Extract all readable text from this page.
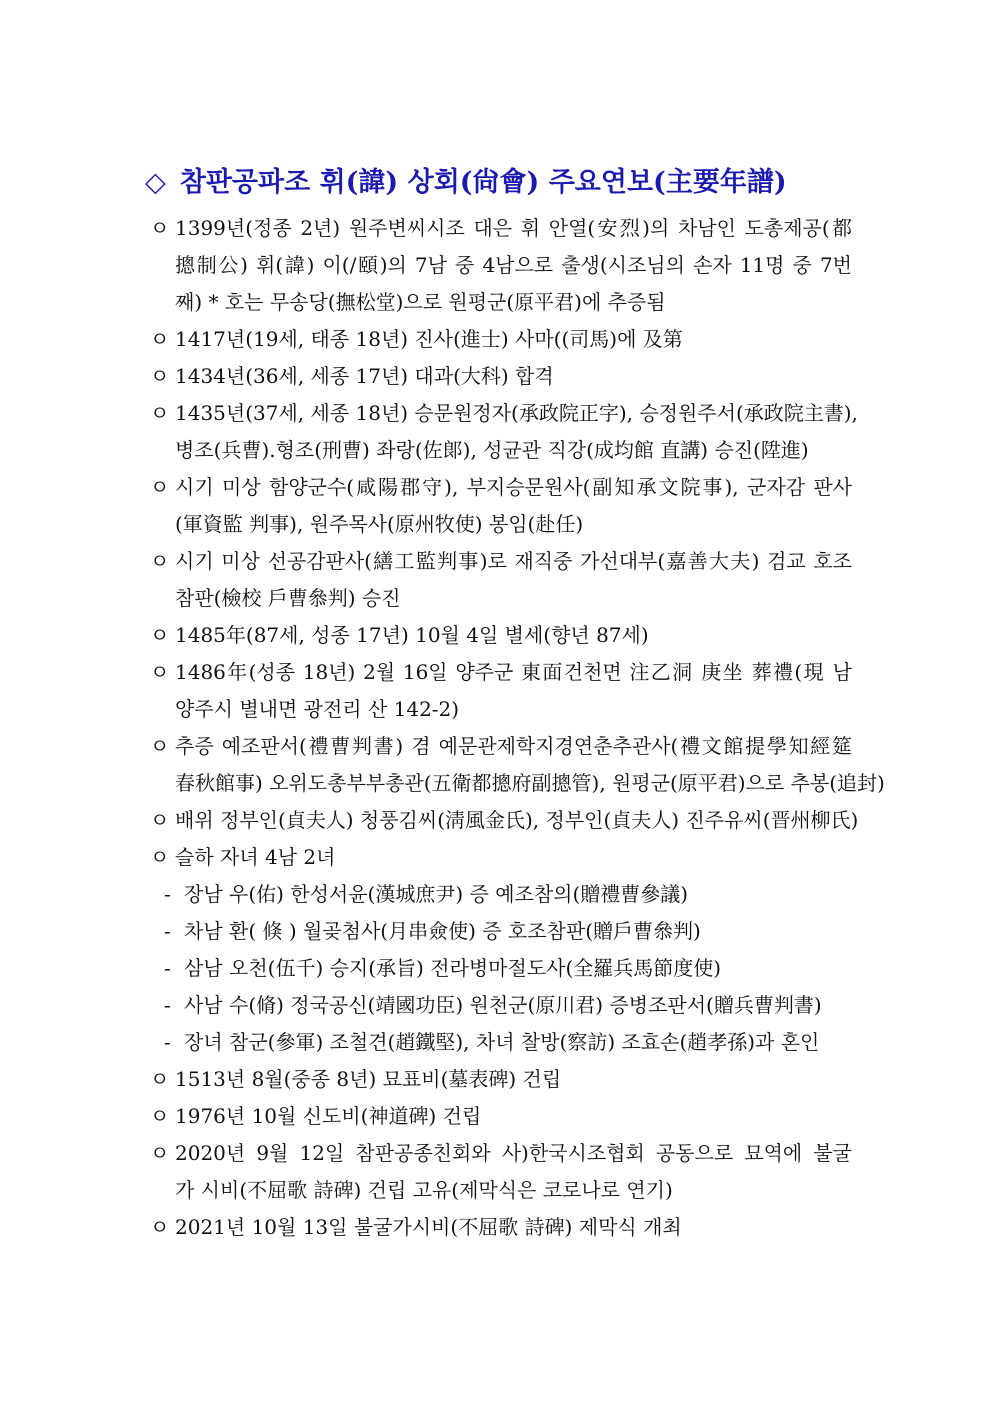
◇ 참판공파조 휘(諱) 상회(尙會) 주요연보(主要年譜)
ㅇ 1399년(정종 2년) 원주변씨시조 대은 휘 안열(安烈)의 차남인 도총제공(都
摠制公) 휘(諱) 이(/頤)의 7남 중 4남으로 출생(시조님의 손자 11명 중 7번
째) * 호는 무송당(撫松堂)으로 원평군(原平君)에 추증됨
ㅇ 1417년(19세, 태종 18년) 진사(進士) 사마((司馬)에 及第
ㅇ 1434년(36세, 세종 17년) 대과(大科) 합격
ㅇ 1435년(37세, 세종 18년) 승문원정자(承政院正字), 승정원주서(承政院主書),
병조(兵曹).형조(刑曹) 좌랑(佐郞), 성균관 직강(成均館 直講) 승진(陞進)
ㅇ 시기 미상 함양군수(咸陽郡守), 부지승문원사(副知承文院事), 군자감 판사
(軍資監 判事), 원주목사(原州牧使) 봉임(赴任)
ㅇ 시기 미상 선공감판사(繕工監判事)로 재직중 가선대부(嘉善大夫) 검교 호조
참판(檢校 戶曹叅判) 승진
ㅇ 1485年(87세, 성종 17년) 10월 4일 별세(향년 87세)
ㅇ 1486年(성종 18년) 2월 16일 양주군 東面건천면 注乙洞 庚坐 葬禮(現 남
양주시 별내면 광전리 산 142-2)
ㅇ 추증 예조판서(禮曹判書) 겸 예문관제학지경연춘추관사(禮文館提學知經筵
春秋館事) 오위도총부부총관(五衛都摠府副摠管), 원평군(原平君)으로 추봉(追封)
ㅇ 배위 정부인(貞夫人) 청풍김씨(淸風金氏), 정부인(貞夫人) 진주유씨(晋州柳氏)
ㅇ 슬하 자녀 4남 2녀
- 장남 우(佑) 한성서윤(漢城庶尹) 증 예조참의(贈禮曹參議)
- 차남 환( 倏 ) 월곶첨사(月串僉使) 증 호조참판(贈戶曹叅判)
- 삼남 오천(伍千) 승지(承旨) 전라병마절도사(全羅兵馬節度使)
- 사남 수(脩) 정국공신(靖國功臣) 원천군(原川君) 증병조판서(贈兵曹判書)
- 장녀 참군(參軍) 조철견(趙鐵堅), 차녀 찰방(察訪) 조효손(趙孝孫)과 혼인
ㅇ 1513년 8월(중종 8년) 묘표비(墓表碑) 건립
ㅇ 1976년 10월 신도비(神道碑) 건립
ㅇ 2020년 9월 12일 참판공종친회와 사)한국시조협회 공동으로 묘역에 불굴
가 시비(不屈歌 詩碑) 건립 고유(제막식은 코로나로 연기)
ㅇ 2021년 10월 13일 불굴가시비(不屈歌 詩碑) 제막식 개최
